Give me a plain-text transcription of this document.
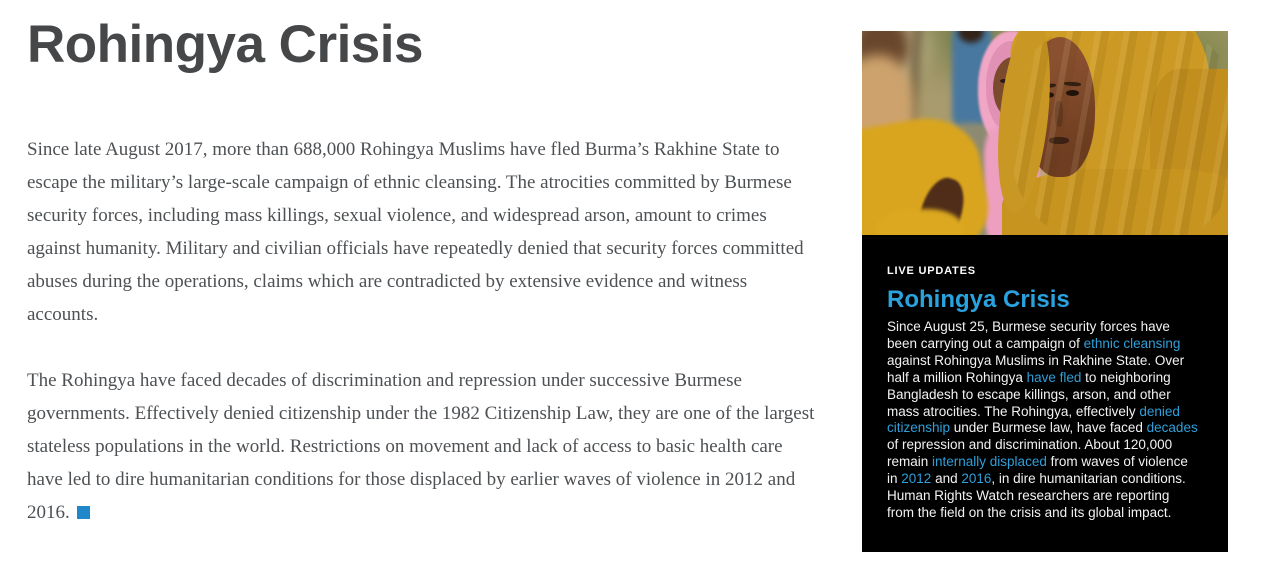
Rohingya Crisis

Since late August 2017, more than 688,000 Rohingya Muslims have fled Burma’s Rakhine State to escape the military’s large-scale campaign of ethnic cleansing. The atrocities committed by Burmese security forces, including mass killings, sexual violence, and widespread arson, amount to crimes against humanity. Military and civilian officials have repeatedly denied that security forces committed abuses during the operations, claims which are contradicted by extensive evidence and witness accounts.

The Rohingya have faced decades of discrimination and repression under successive Burmese governments. Effectively denied citizenship under the 1982 Citizenship Law, they are one of the largest stateless populations in the world. Restrictions on movement and lack of access to basic health care have led to dire humanitarian conditions for those displaced by earlier waves of violence in 2012 and 2016.

LIVE UPDATES
Rohingya Crisis

Since August 25, Burmese security forces have been carrying out a campaign of ethnic cleansing against Rohingya Muslims in Rakhine State. Over half a million Rohingya have fled to neighboring Bangladesh to escape killings, arson, and other mass atrocities. The Rohingya, effectively denied citizenship under Burmese law, have faced decades of repression and discrimination. About 120,000 remain internally displaced from waves of violence in 2012 and 2016, in dire humanitarian conditions. Human Rights Watch researchers are reporting from the field on the crisis and its global impact.
